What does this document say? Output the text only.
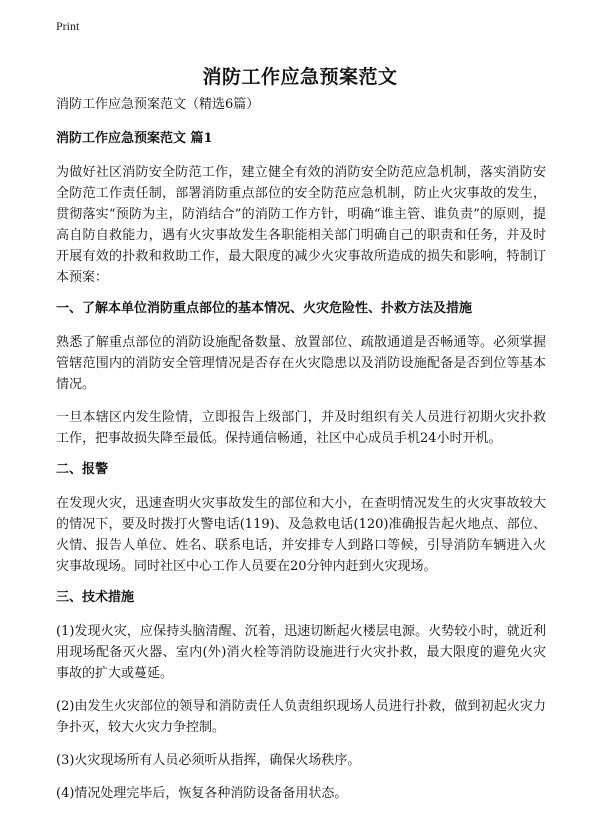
Print
消防工作应急预案范文

消防工作应急预案范文（精选6篇）

消防工作应急预案范文 篇1

为做好社区消防安全防范工作，建立健全有效的消防安全防范应急机制，落实消防安全防范工作责任制，部署消防重点部位的安全防范应急机制，防止火灾事故的发生，贯彻落实“预防为主，防消结合”的消防工作方针，明确“谁主管、谁负责”的原则，提高自防自救能力，遇有火灾事故发生各职能相关部门明确自己的职责和任务，并及时开展有效的扑救和救助工作，最大限度的减少火灾事故所造成的损失和影响，特制订本预案：

一、了解本单位消防重点部位的基本情况、火灾危险性、扑救方法及措施

熟悉了解重点部位的消防设施配备数量、放置部位、疏散通道是否畅通等。必须掌握管辖范围内的消防安全管理情况是否存在火灾隐患以及消防设施配备是否到位等基本情况。

一旦本辖区内发生险情，立即报告上级部门，并及时组织有关人员进行初期火灾扑救工作，把事故损失降至最低。保持通信畅通，社区中心成员手机24小时开机。

二、报警

在发现火灾，迅速查明火灾事故发生的部位和大小，在查明情况发生的火灾事故较大的情况下，要及时拨打火警电话(119)、及急救电话(120)准确报告起火地点、部位、火情、报告人单位、姓名、联系电话，并安排专人到路口等候，引导消防车辆进入火灾事故现场。同时社区中心工作人员要在20分钟内赶到火灾现场。

三、技术措施

(1)发现火灾，应保持头脑清醒、沉着，迅速切断起火楼层电源。火势较小时，就近利用现场配备灭火器、室内(外)消火栓等消防设施进行火灾扑救，最大限度的避免火灾事故的扩大或蔓延。

(2)由发生火灾部位的领导和消防责任人负责组织现场人员进行扑救，做到初起火灾力争扑灭，较大火灾力争控制。

(3)火灾现场所有人员必须听从指挥，确保火场秩序。

(4)情况处理完毕后，恢复各种消防设备备用状态。
